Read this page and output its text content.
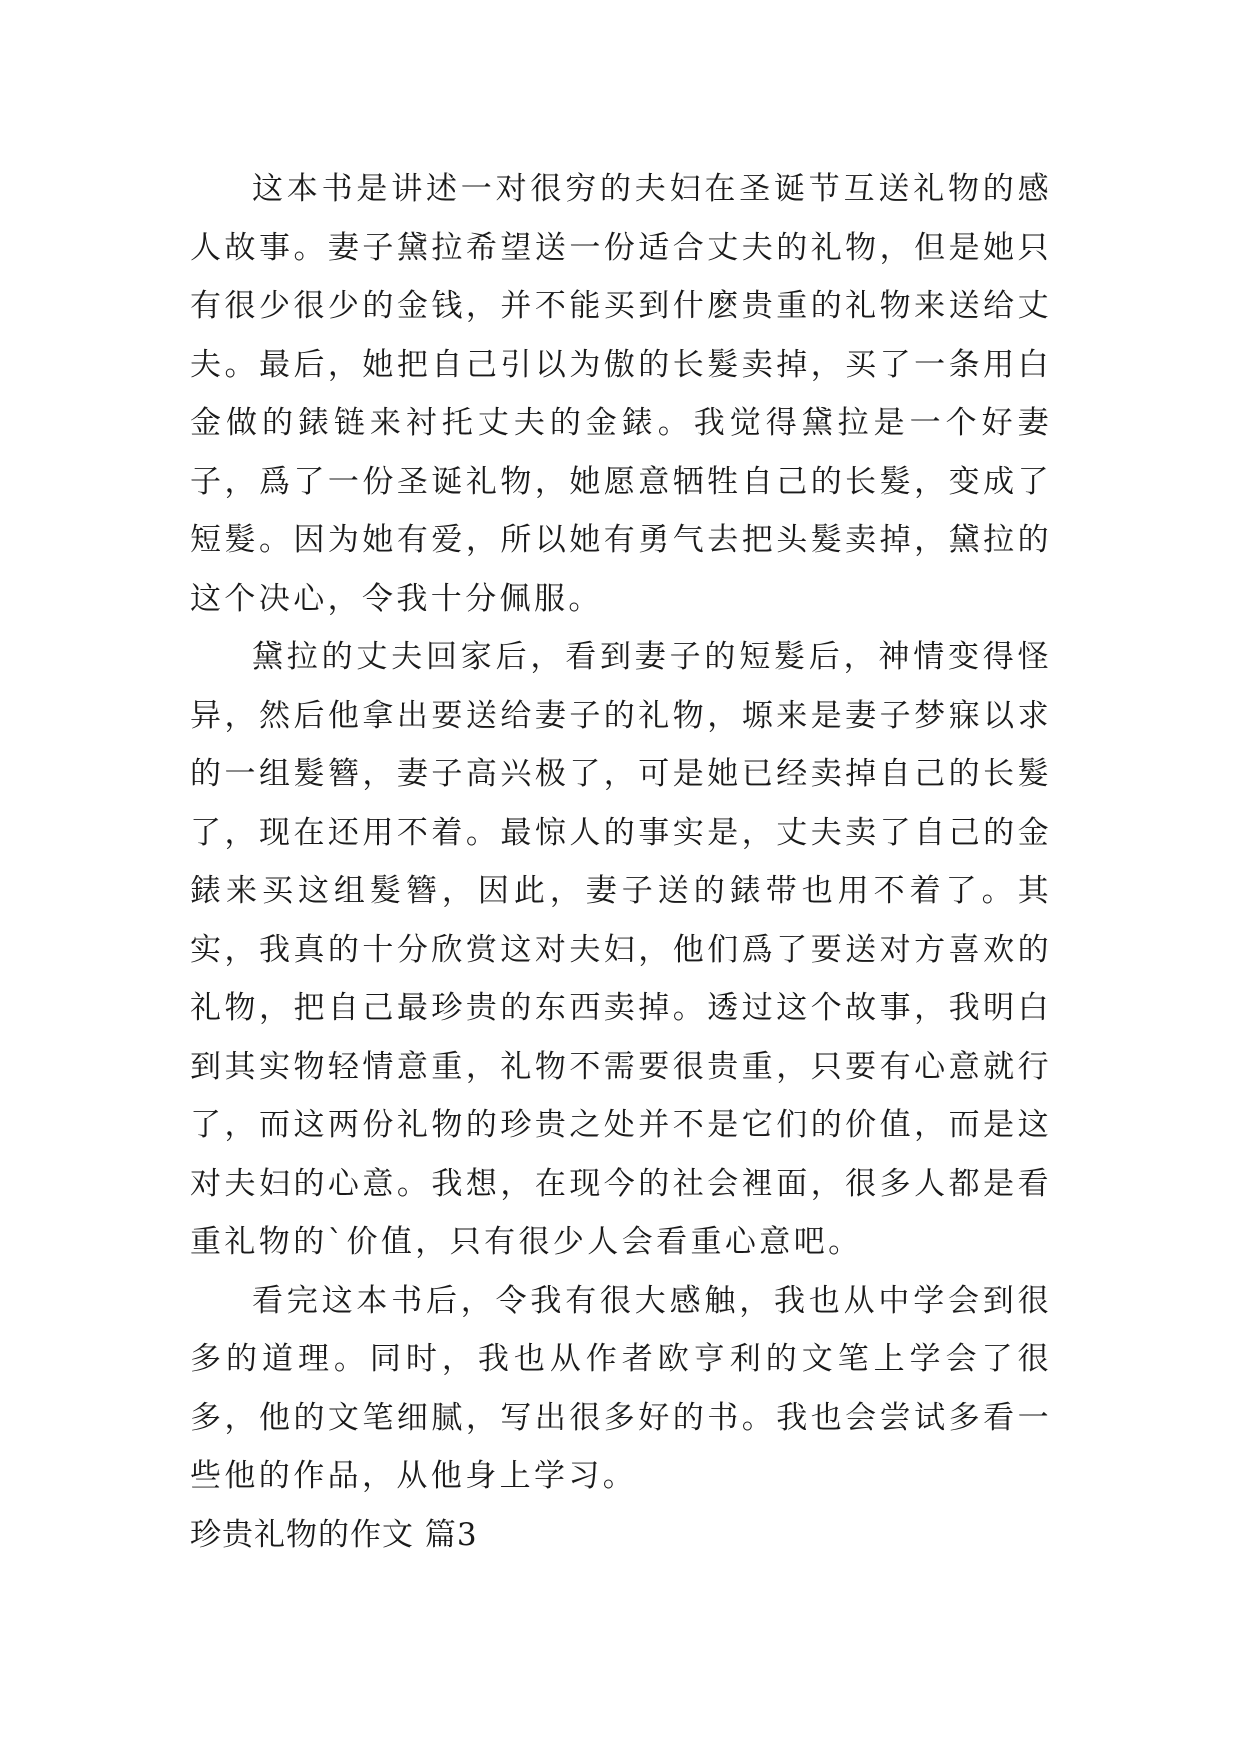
这本书是讲述一对很穷的夫妇在圣诞节互送礼物的感人故事。妻子黛拉希望送一份适合丈夫的礼物，但是她只有很少很少的金钱，并不能买到什麽贵重的礼物来送给丈夫。最后，她把自己引以为傲的长髮卖掉，买了一条用白金做的錶链来衬托丈夫的金錶。我觉得黛拉是一个好妻子，爲了一份圣诞礼物，她愿意牺牲自己的长髮，变成了短髮。因为她有爱，所以她有勇气去把头髮卖掉，黛拉的这个决心，令我十分佩服。

黛拉的丈夫回家后，看到妻子的短髮后，神情变得怪异，然后他拿出要送给妻子的礼物，塬来是妻子梦寐以求的一组髮簪，妻子高兴极了，可是她已经卖掉自己的长髮了，现在还用不着。最惊人的事实是，丈夫卖了自己的金錶来买这组髮簪，因此，妻子送的錶带也用不着了。其实，我真的十分欣赏这对夫妇，他们爲了要送对方喜欢的礼物，把自己最珍贵的东西卖掉。透过这个故事，我明白到其实物轻情意重，礼物不需要很贵重，只要有心意就行了，而这两份礼物的珍贵之处并不是它们的价值，而是这对夫妇的心意。我想，在现今的社会裡面，很多人都是看重礼物的`价值，只有很少人会看重心意吧。

看完这本书后，令我有很大感触，我也从中学会到很多的道理。同时，我也从作者欧亨利的文笔上学会了很多，他的文笔细腻，写出很多好的书。我也会尝试多看一些他的作品，从他身上学习。

珍贵礼物的作文 篇3
